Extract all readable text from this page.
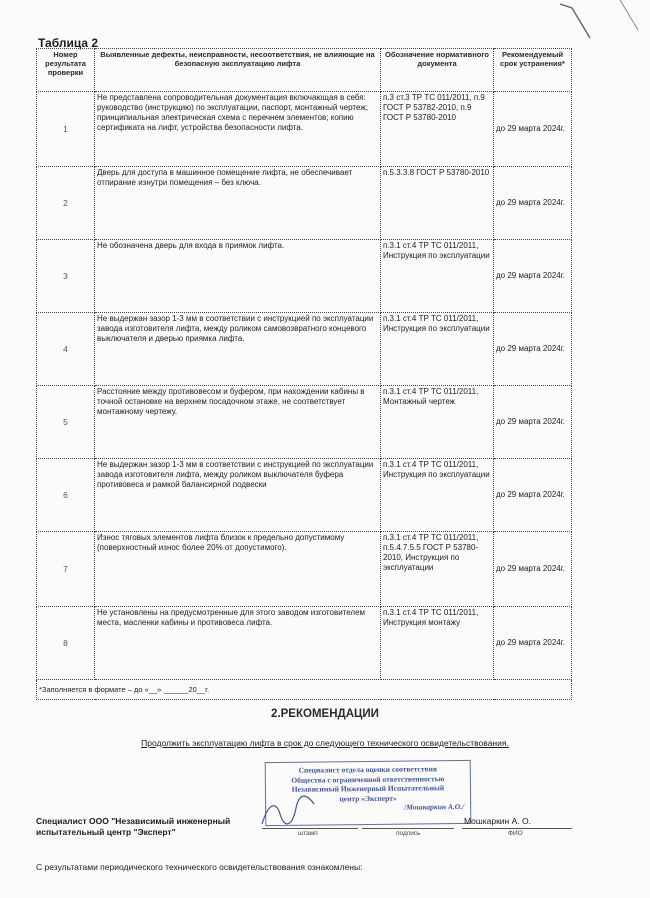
Таблица 2
Номер результата проверки	Выявленные дефекты, неисправности, несоответствия, не влияющие на безопасную эксплуатацию лифта	Обозначение нормативного документа	Рекомендуемый срок устранения*
1	Не представлена сопроводительная документация включающая в себя: руководство (инструкцию) по эксплуатации, паспорт, монтажный чертеж; принципиальная электрическая схема с перечнем элементов; копию сертификата на лифт, устройства безопасности лифта.	п.3 ст.3 ТР ТС 011/2011, п.9 ГОСТ Р 53782-2010, п.9 ГОСТ Р 53780-2010	до 29 марта 2024г.
2	Дверь для доступа в машинное помещение лифта, не обеспечивает отпирание изнутри помещения – без ключа.	п.5.3.3.8 ГОСТ Р 53780-2010	до 29 марта 2024г.
3	Не обозначена дверь для входа в приямок лифта.	п.3.1 ст.4 ТР ТС 011/2011, Инструкция по эксплуатации	до 29 марта 2024г.
4	Не выдержан зазор 1-3 мм в соответствии с инструкцией по эксплуатации завода изготовителя лифта, между роликом самовозвратного концевого выключателя и дверью приямка лифта.	п.3.1 ст.4 ТР ТС 011/2011, Инструкция по эксплуатации	до 29 марта 2024г.
5	Расстояние между противовесом и буфером, при нахождении кабины в точной остановке на верхнем посадочном этаже, не соответствует монтажному чертежу.	п.3.1 ст.4 ТР ТС 011/2011, Монтажный чертеж	до 29 марта 2024г.
6	Не выдержан зазор 1-3 мм в соответствии с инструкцией по эксплуатации завода изготовителя лифта, между роликом выключателя буфера противовеса и рамкой балансирной подвески	п.3.1 ст.4 ТР ТС 011/2011, Инструкция по эксплуатации	до 29 марта 2024г.
7	Износ тяговых элементов лифта близок к предельно допустимому (поверхностный износ более 20% от допустимого).	п.3.1 ст.4 ТР ТС 011/2011, п.5.4.7.5.5 ГОСТ Р 53780-2010, Инструкция по эксплуатации	до 29 марта 2024г.
8	Не установлены на предусмотренные для этого заводом изготовителем места, масленки кабины и противовеса лифта.	п.3.1 ст.4 ТР ТС 011/2011, Инструкция монтажу	до 29 марта 2024г.
*Заполняется в формате – до «__» ______20__г.			
2.РЕКОМЕНДАЦИИ
Продолжить эксплуатацию лифта в срок до следующего технического освидетельствования.
Специалист отдела оценки соответствия
Общества с ограниченной ответственностью
Независимый Инженерный Испытательный
центр «Эксперт»
/Мошкаркин А.О./
Специалист ООО "Независимый инженерный испытательный центр "Эксперт"	штамп	подпись	ФИО
Мошкаркин А. О.
С результатами периодического технического освидетельствования ознакомлены:
